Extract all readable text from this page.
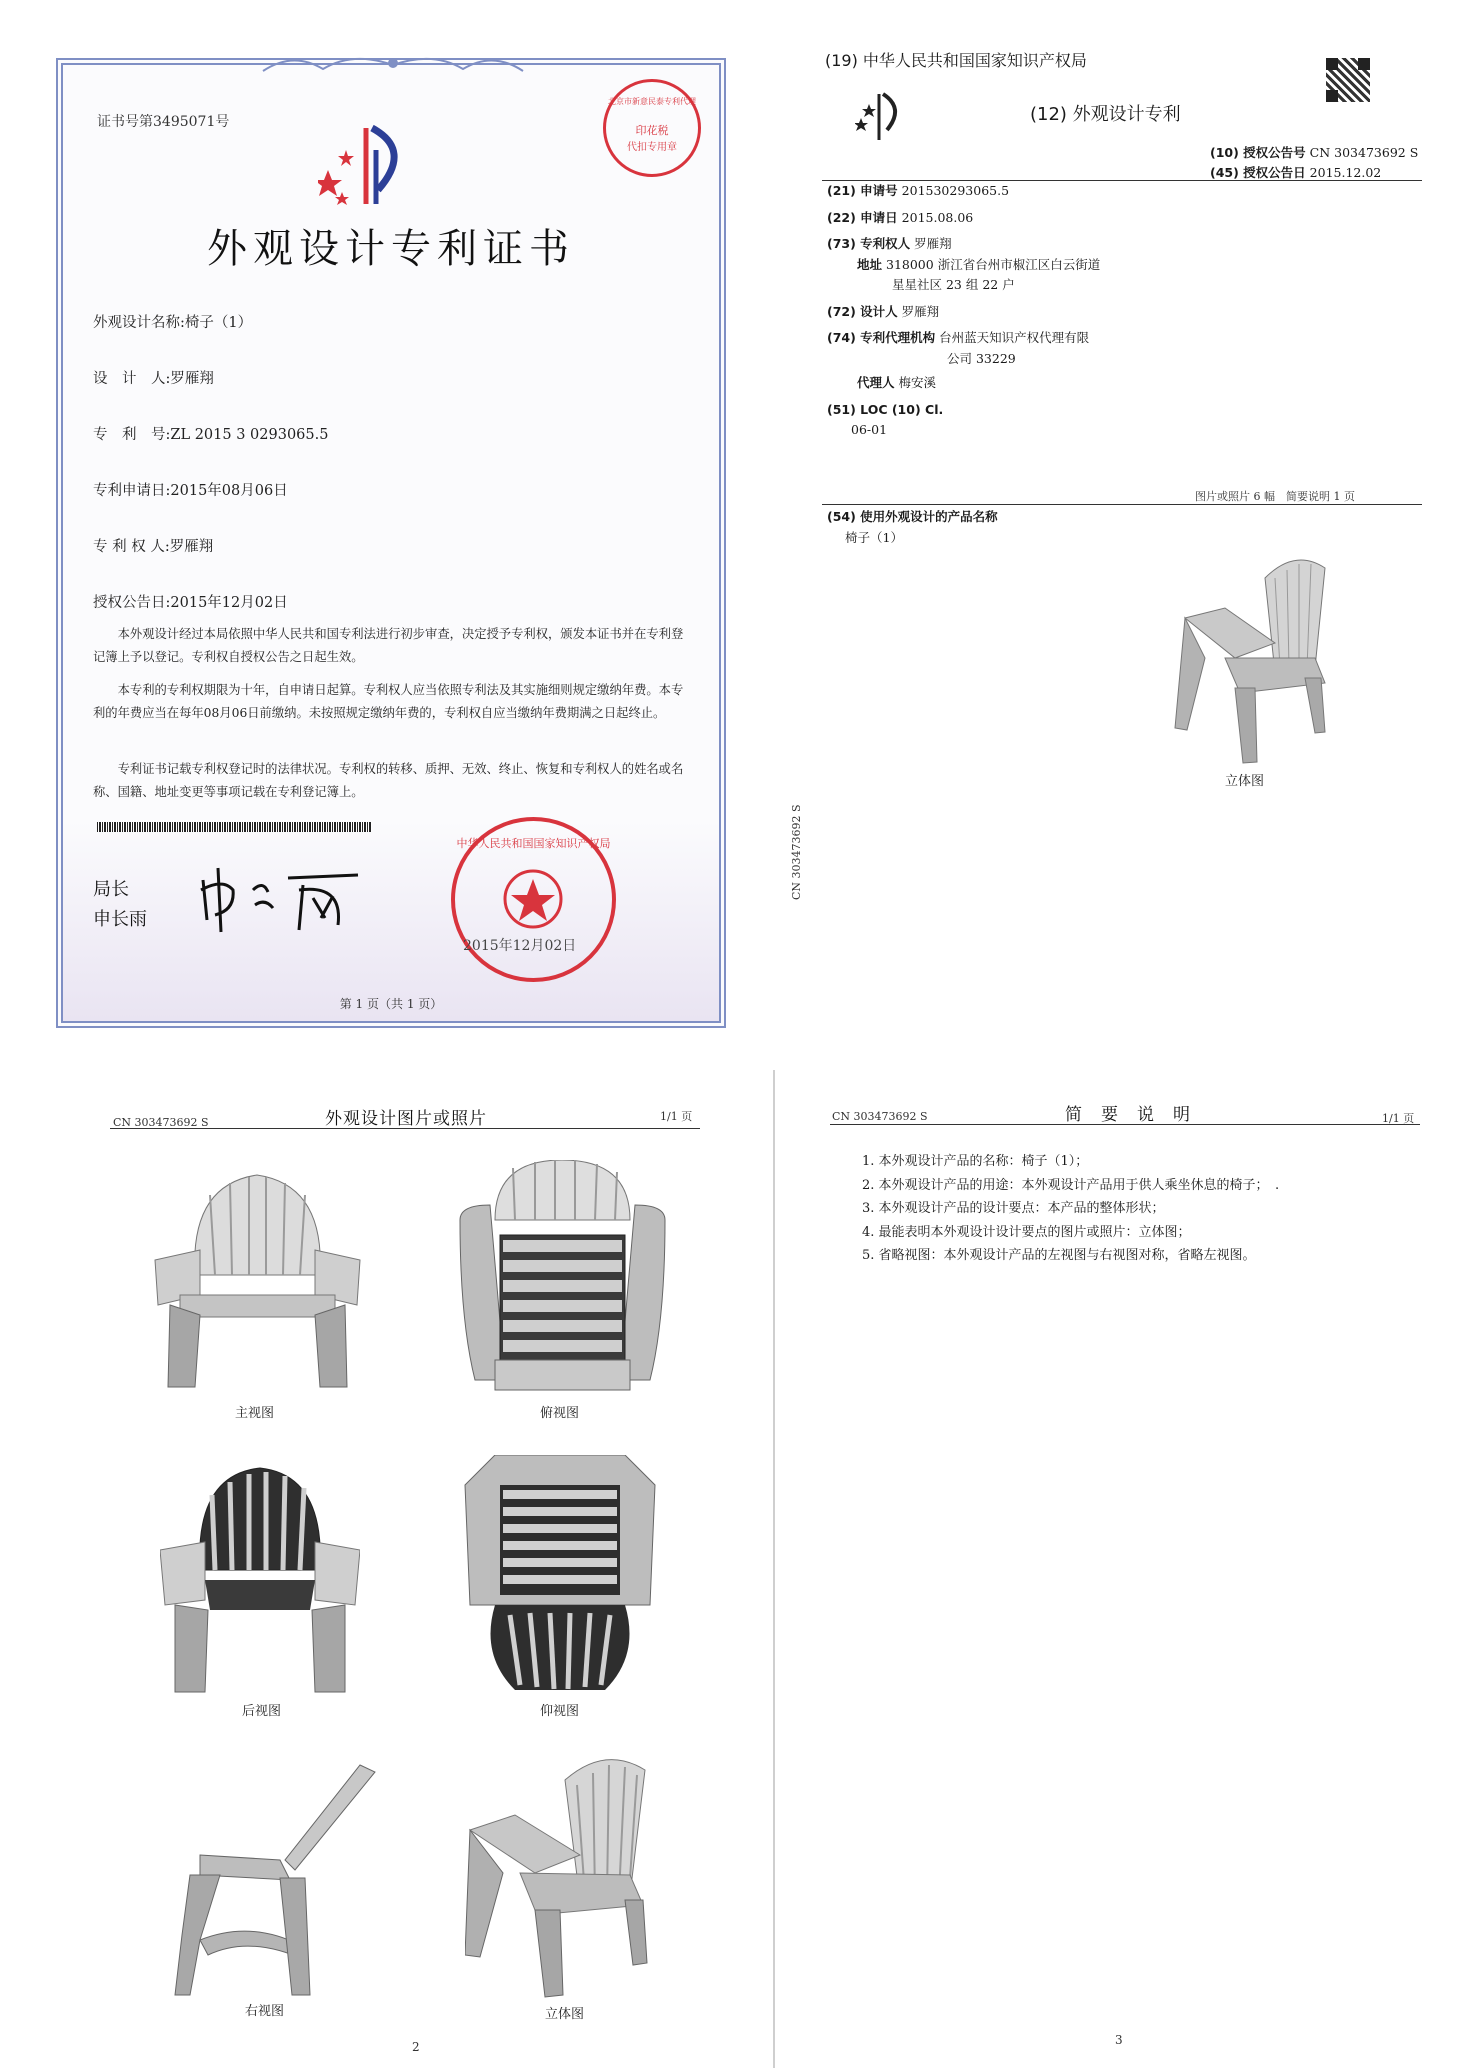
证书号第3495071号
北京市新意民泰专利代理
印花税
代扣专用章
外观设计专利证书
外观设计名称:椅子（1）
设　计　人:罗雁翔
专　利　号:ZL 2015 3 0293065.5
专利申请日:2015年08月06日
专 利 权 人:罗雁翔
授权公告日:2015年12月02日
本外观设计经过本局依照中华人民共和国专利法进行初步审查，决定授予专利权，颁发本证书并在专利登记簿上予以登记。专利权自授权公告之日起生效。
本专利的专利权期限为十年，自申请日起算。专利权人应当依照专利法及其实施细则规定缴纳年费。本专利的年费应当在每年08月06日前缴纳。未按照规定缴纳年费的，专利权自应当缴纳年费期满之日起终止。
专利证书记载专利权登记时的法律状况。专利权的转移、质押、无效、终止、恢复和专利权人的姓名或名称、国籍、地址变更等事项记载在专利登记簿上。
局长
申长雨
中华人民共和国国家知识产权局
2015年12月02日
第 1 页（共 1 页）
(19) 中华人民共和国国家知识产权局
(12) 外观设计专利
(10) 授权公告号 CN 303473692 S
(45) 授权公告日 2015.12.02
(21) 申请号 201530293065.5
(22) 申请日 2015.08.06
(73) 专利权人 罗雁翔
地址 318000 浙江省台州市椒江区白云街道
星星社区 23 组 22 户
(72) 设计人 罗雁翔
(74) 专利代理机构 台州蓝天知识产权代理有限
公司 33229
代理人 梅安溪
(51) LOC (10) Cl.
06-01
图片或照片 6 幅　简要说明 1 页
(54) 使用外观设计的产品名称
椅子（1）
立体图
CN 303473692 S
CN 303473692 S	外观设计图片或照片	1/1 页
主视图	俯视图
后视图	仰视图
右视图	立体图
2
CN 303473692 S	简　要　说　明	1/1 页
1. 本外观设计产品的名称：椅子（1）；
2. 本外观设计产品的用途：本外观设计产品用于供人乘坐休息的椅子；　.
3. 本外观设计产品的设计要点：本产品的整体形状；
4. 最能表明本外观设计设计要点的图片或照片：立体图；
5. 省略视图：本外观设计产品的左视图与右视图对称，省略左视图。
3
